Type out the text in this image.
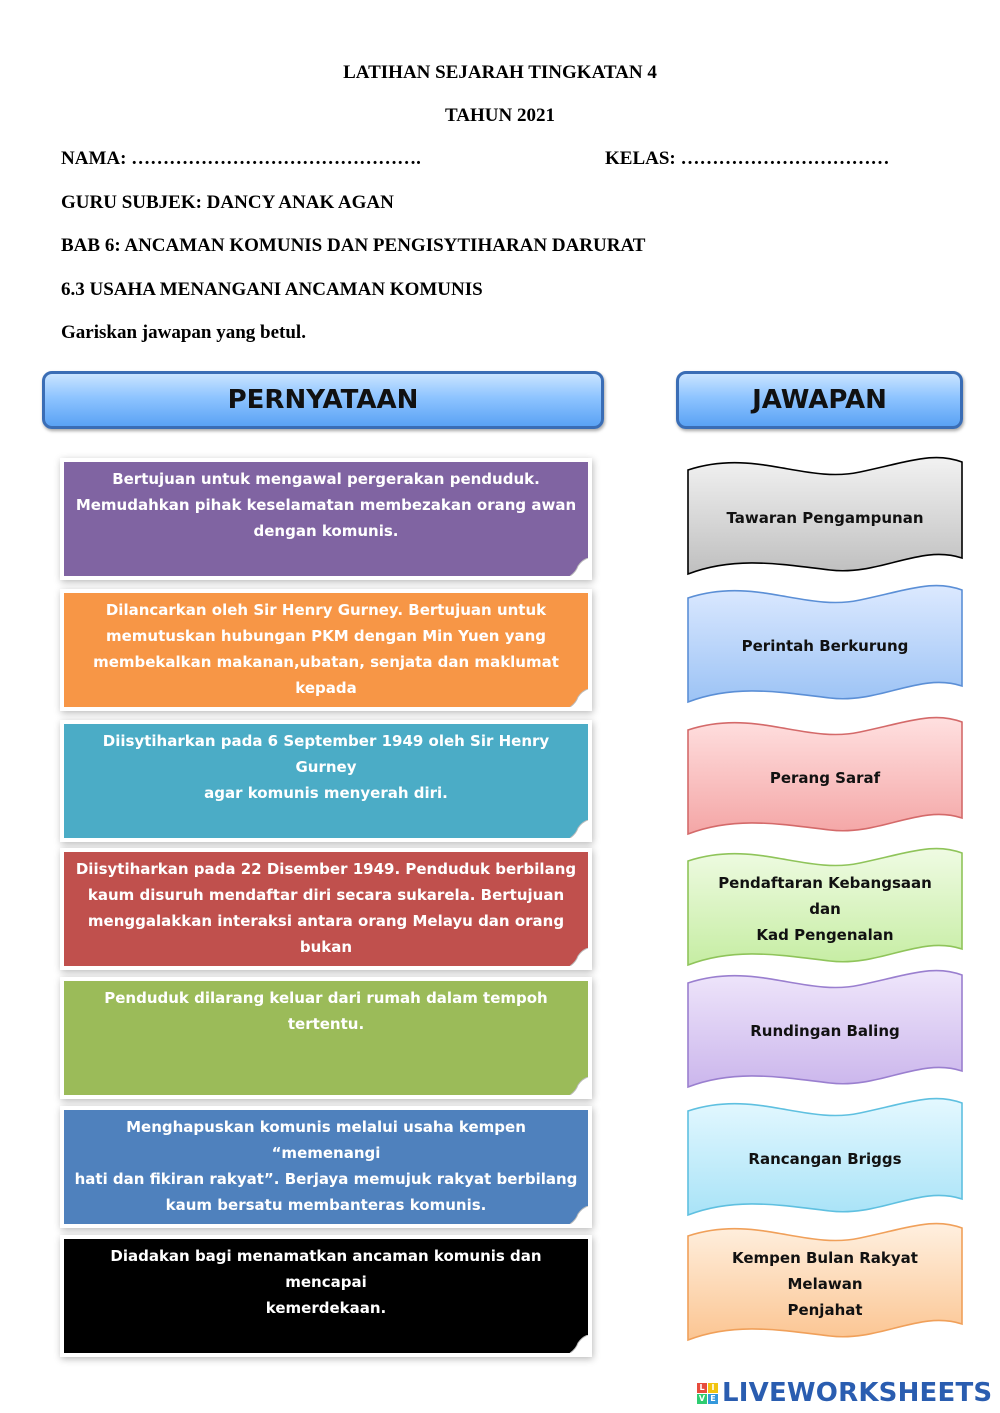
LATIHAN SEJARAH TINGKATAN 4
TAHUN 2021
NAMA: ……………………………………….	KELAS: ……………………………
GURU SUBJEK: DANCY ANAK AGAN
BAB 6: ANCAMAN KOMUNIS DAN PENGISYTIHARAN DARURAT
6.3 USAHA MENANGANI ANCAMAN KOMUNIS
Gariskan jawapan yang betul.
PERNYATAAN	JAWAPAN
Bertujuan untuk mengawal pergerakan penduduk.
Memudahkan pihak keselamatan membezakan orang awan
dengan komunis.
Dilancarkan oleh Sir Henry Gurney. Bertujuan untuk
memutuskan hubungan PKM dengan Min Yuen yang
membekalkan makanan,ubatan, senjata dan maklumat kepada
Diisytiharkan pada 6 September 1949 oleh Sir Henry Gurney
agar komunis menyerah diri.
Diisytiharkan pada 22 Disember 1949. Penduduk berbilang
kaum disuruh mendaftar diri secara sukarela. Bertujuan
menggalakkan interaksi antara orang Melayu dan orang bukan
Penduduk dilarang keluar dari rumah dalam tempoh tertentu.
Menghapuskan komunis melalui usaha kempen “memenangi
hati dan fikiran rakyat”. Berjaya memujuk rakyat berbilang
kaum bersatu membanteras komunis.
Diadakan bagi menamatkan ancaman komunis dan mencapai
kemerdekaan.
Tawaran Pengampunan
Perintah Berkurung
Perang Saraf
Pendaftaran Kebangsaan dan
Kad Pengenalan
Rundingan Baling
Rancangan Briggs
Kempen Bulan Rakyat Melawan
Penjahat
L I
V E LIVEWORKSHEETS
